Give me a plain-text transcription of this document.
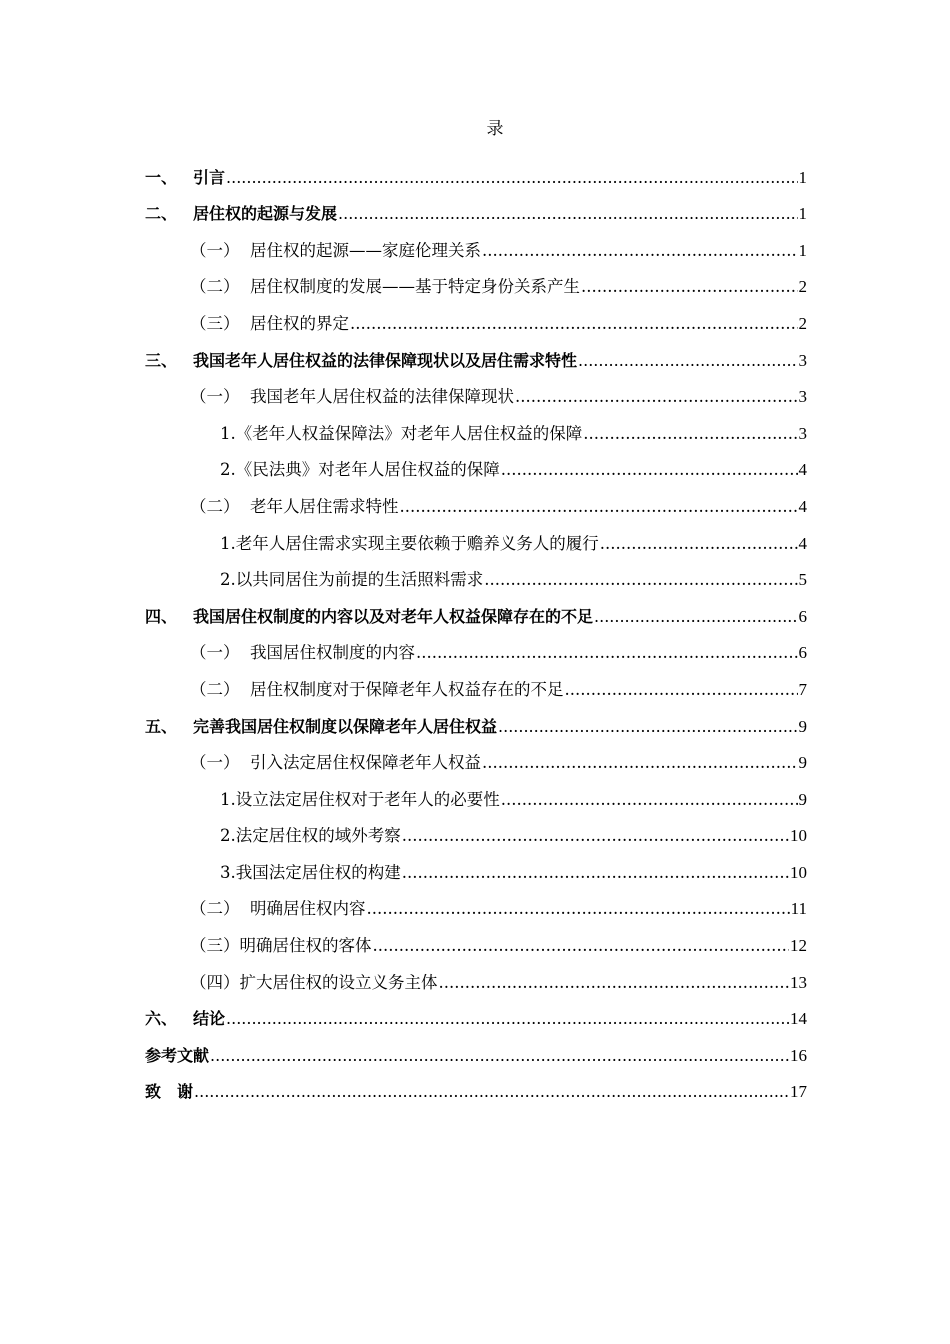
录
一、 引言 .....	1
二、 居住权的起源与发展 .....	1
（一） 居住权的起源——家庭伦理关系 .....	1
（二） 居住权制度的发展——基于特定身份关系产生 .....	2
（三） 居住权的界定 .....	2
三、 我国老年人居住权益的法律保障现状以及居住需求特性 .....	3
（一） 我国老年人居住权益的法律保障现状 .....	3
1. 《老年人权益保障法》对老年人居住权益的保障 .....	3
2. 《民法典》对老年人居住权益的保障 .....	4
（二） 老年人居住需求特性 .....	4
1. 老年人居住需求实现主要依赖于赡养义务人的履行 .....	4
2. 以共同居住为前提的生活照料需求 .....	5
四、 我国居住权制度的内容以及对老年人权益保障存在的不足 .....	6
（一） 我国居住权制度的内容 .....	6
（二） 居住权制度对于保障老年人权益存在的不足 .....	7
五、 完善我国居住权制度以保障老年人居住权益 .....	9
（一） 引入法定居住权保障老年人权益 .....	9
1. 设立法定居住权对于老年人的必要性 .....	9
2. 法定居住权的域外考察 .....	10
3. 我国法定居住权的构建 .....	10
（二） 明确居住权内容 .....	11
（三） 明确居住权的客体 .....	12
（四） 扩大居住权的设立义务主体 .....	13
六、 结论 .....	14
参考文献 .....	16
致　谢 .....	17
